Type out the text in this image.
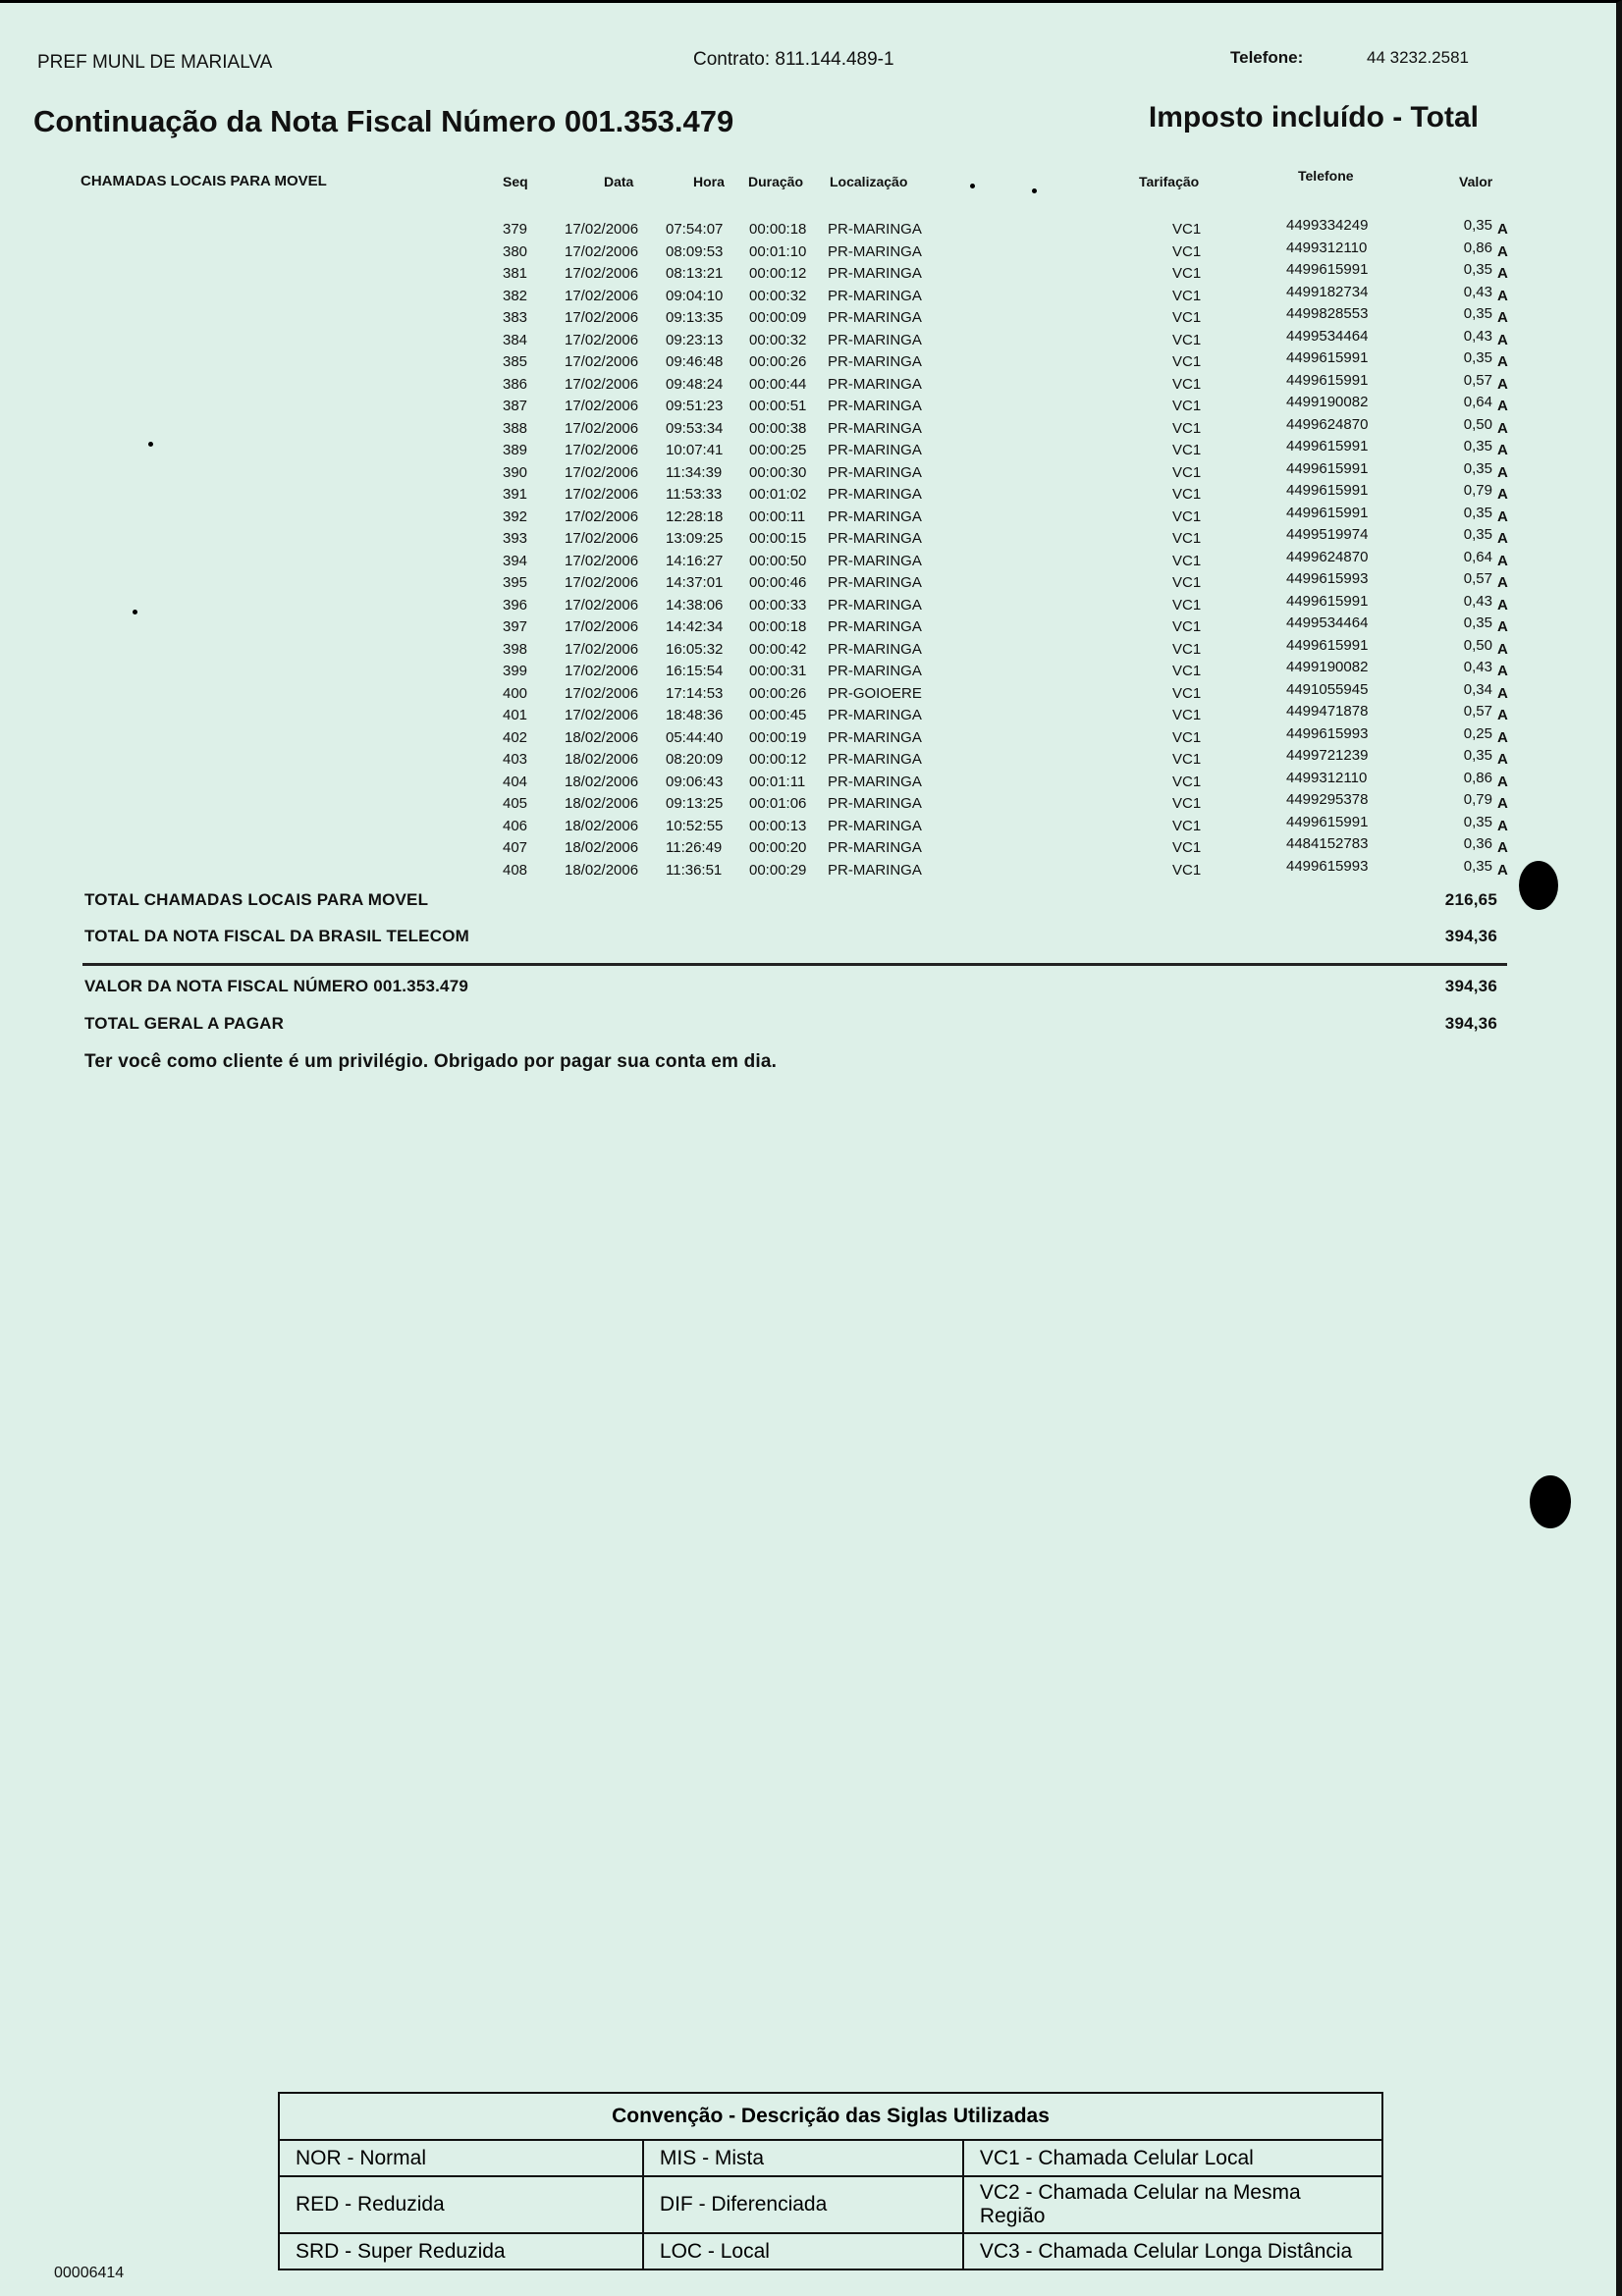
PREF MUNL DE MARIALVA	Contrato: 811.144.489-1	Telefone:	44 3232.2581
Continuação da Nota Fiscal Número 001.353.479	Imposto incluído - Total
CHAMADAS LOCAIS PARA MOVEL	Seq	Data	Hora Duração Localização	Tarifação	Telefone	Valor
379	17/02/2006 07:54:07 00:00:18 PR-MARINGA	VC1	4499334249	0,35 A
380	17/02/2006 08:09:53 00:01:10 PR-MARINGA	VC1	4499312110	0,86 A
381	17/02/2006 08:13:21 00:00:12 PR-MARINGA	VC1	4499615991	0,35 A
382	17/02/2006 09:04:10 00:00:32 PR-MARINGA	VC1	4499182734	0,43 A
383	17/02/2006 09:13:35 00:00:09 PR-MARINGA	VC1	4499828553	0,35 A
384	17/02/2006 09:23:13 00:00:32 PR-MARINGA	VC1	4499534464	0,43 A
385	17/02/2006 09:46:48 00:00:26 PR-MARINGA	VC1	4499615991	0,35 A
386	17/02/2006 09:48:24 00:00:44 PR-MARINGA	VC1	4499615991	0,57 A
387	17/02/2006 09:51:23 00:00:51 PR-MARINGA	VC1	4499190082	0,64 A
388	17/02/2006 09:53:34 00:00:38 PR-MARINGA	VC1	4499624870	0,50 A
389	17/02/2006 10:07:41 00:00:25 PR-MARINGA	VC1	4499615991	0,35 A
390	17/02/2006 11:34:39 00:00:30 PR-MARINGA	VC1	4499615991	0,35 A
391	17/02/2006 11:53:33 00:01:02 PR-MARINGA	VC1	4499615991	0,79 A
392	17/02/2006 12:28:18 00:00:11 PR-MARINGA	VC1	4499615991	0,35 A
393	17/02/2006 13:09:25 00:00:15 PR-MARINGA	VC1	4499519974	0,35 A
394	17/02/2006 14:16:27 00:00:50 PR-MARINGA	VC1	4499624870	0,64 A
395	17/02/2006 14:37:01 00:00:46 PR-MARINGA	VC1	4499615993	0,57 A
396	17/02/2006 14:38:06 00:00:33 PR-MARINGA	VC1	4499615991	0,43 A
397	17/02/2006 14:42:34 00:00:18 PR-MARINGA	VC1	4499534464	0,35 A
398	17/02/2006 16:05:32 00:00:42 PR-MARINGA	VC1	4499615991	0,50 A
399	17/02/2006 16:15:54 00:00:31 PR-MARINGA	VC1	4499190082	0,43 A
400	17/02/2006 17:14:53 00:00:26 PR-GOIOERE	VC1	4491055945	0,34 A
401	17/02/2006 18:48:36 00:00:45 PR-MARINGA	VC1	4499471878	0,57 A
402	18/02/2006 05:44:40 00:00:19 PR-MARINGA	VC1	4499615993	0,25 A
403	18/02/2006 08:20:09 00:00:12 PR-MARINGA	VC1	4499721239	0,35 A
404	18/02/2006 09:06:43 00:01:11 PR-MARINGA	VC1	4499312110	0,86 A
405	18/02/2006 09:13:25 00:01:06 PR-MARINGA	VC1	4499295378	0,79 A
406	18/02/2006 10:52:55 00:00:13 PR-MARINGA	VC1	4499615991	0,35 A
407	18/02/2006 11:26:49 00:00:20 PR-MARINGA	VC1	4484152783	0,36 A
408	18/02/2006 11:36:51 00:00:29 PR-MARINGA	VC1	4499615993	0,35 A
TOTAL CHAMADAS LOCAIS PARA MOVEL	216,65
TOTAL DA NOTA FISCAL DA BRASIL TELECOM	394,36
VALOR DA NOTA FISCAL NÚMERO 001.353.479	394,36
TOTAL GERAL A PAGAR	394,36
Ter você como cliente é um privilégio. Obrigado por pagar sua conta em dia.
Convenção - Descrição das Siglas Utilizadas		
NOR - Normal	MIS - Mista	VC1 - Chamada Celular Local
RED - Reduzida	DIF - Diferenciada	VC2 - Chamada Celular na Mesma Região
SRD - Super Reduzida	LOC - Local	VC3 - Chamada Celular Longa Distância
00006414
